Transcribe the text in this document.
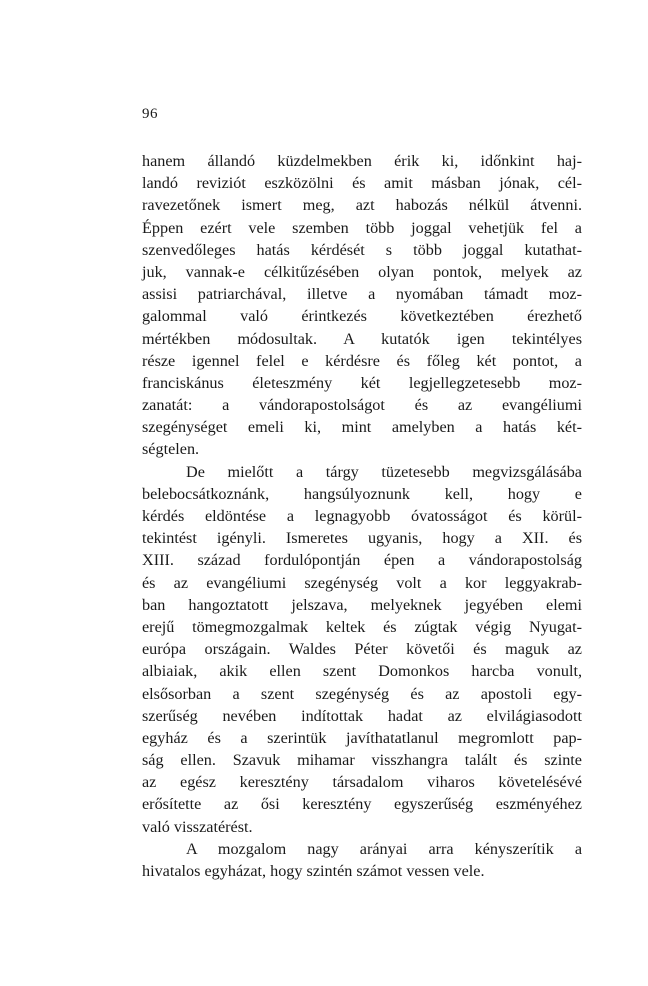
96
hanem állandó küzdelmekben érik ki, időnkint haj-
landó reviziót eszközölni és amit másban jónak, cél-
ravezetőnek ismert meg, azt habozás nélkül átvenni.
Éppen ezért vele szemben több joggal vehetjük fel a
szenvedőleges hatás kérdését s több joggal kutathat-
juk, vannak-e célkitűzésében olyan pontok, melyek az
assisi patriarchával, illetve a nyomában támadt moz-
galommal való érintkezés következtében érezhető
mértékben módosultak. A kutatók igen tekintélyes
része igennel felel e kérdésre és főleg két pontot, a
franciskánus életeszmény két legjellegzetesebb moz-
zanatát: a vándorapostolságot és az evangéliumi
szegénységet emeli ki, mint amelyben a hatás két-
ségtelen.
De mielőtt a tárgy tüzetesebb megvizsgálásába
belebocsátkoznánk, hangsúlyoznunk kell, hogy e
kérdés eldöntése a legnagyobb óvatosságot és körül-
tekintést igényli. Ismeretes ugyanis, hogy a XII. és
XIII. század fordulópontján épen a vándorapostolság
és az evangéliumi szegénység volt a kor leggyakrab-
ban hangoztatott jelszava, melyeknek jegyében elemi
erejű tömegmozgalmak keltek és zúgtak végig Nyugat-
európa országain. Waldes Péter követői és maguk az
albiaiak, akik ellen szent Domonkos harcba vonult,
elsősorban a szent szegénység és az apostoli egy-
szerűség nevében indítottak hadat az elvilágiasodott
egyház és a szerintük javíthatatlanul megromlott pap-
ság ellen. Szavuk mihamar visszhangra talált és szinte
az egész keresztény társadalom viharos követelésévé
erősítette az ősi keresztény egyszerűség eszményéhez
való visszatérést.
A mozgalom nagy arányai arra kényszerítik a
hivatalos egyházat, hogy szintén számot vessen vele.
